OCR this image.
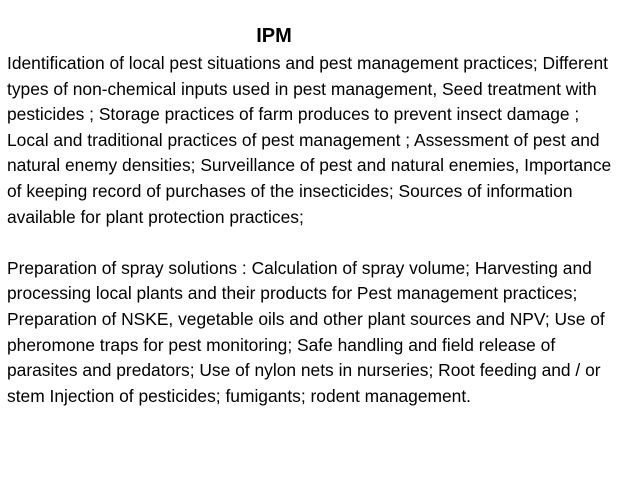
IPM

Identification of local pest situations and pest management practices; Different types of non-chemical inputs used in pest management, Seed treatment with pesticides ; Storage practices of farm produces to prevent insect damage ; Local and traditional practices of pest management ; Assessment of pest and natural enemy densities; Surveillance of pest and natural enemies, Importance of keeping record of purchases of the insecticides; Sources of information available for plant protection practices;

Preparation of spray solutions : Calculation of spray volume; Harvesting and processing local plants and their products for Pest management practices; Preparation of NSKE, vegetable oils and other plant sources and NPV; Use of pheromone traps for pest monitoring; Safe handling and field release of parasites and predators; Use of nylon nets in nurseries; Root feeding and / or stem Injection of pesticides; fumigants; rodent management.
